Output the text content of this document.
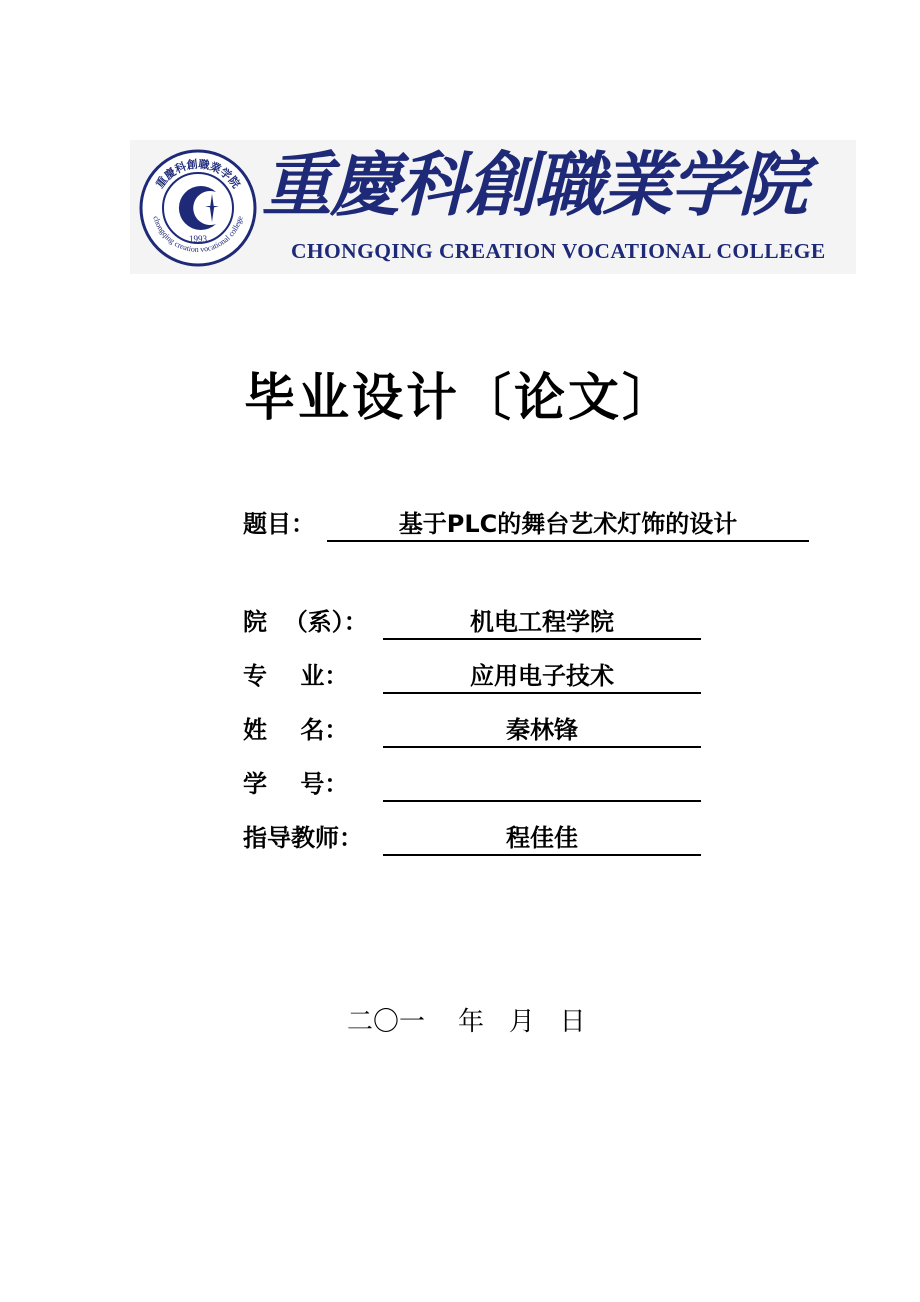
重慶科創職業学院
chongqing creation vocational college
1993
重慶科創職業学院
CHONGQING CREATION VOCATIONAL COLLEGE
毕业设计〔论文〕
题目：	基于PLC的舞台艺术灯饰的设计
院  （系）：	机电工程学院
专    业：	应用电子技术
姓    名：	秦林锋
学    号：
指导教师：	程佳佳
二〇一    年   月   日
